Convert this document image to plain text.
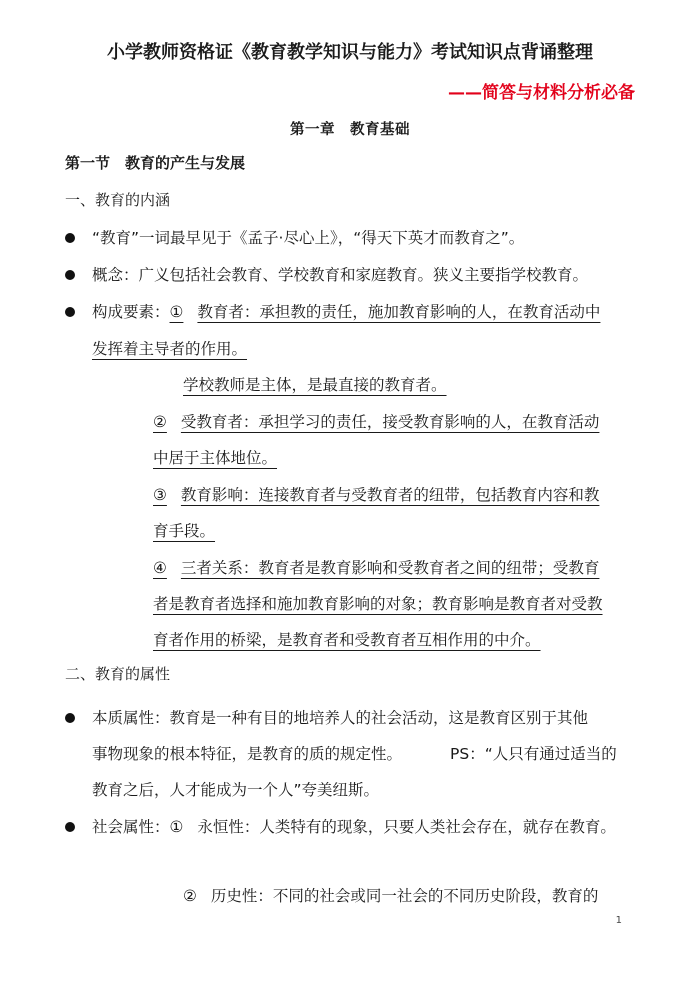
小学教师资格证《教育教学知识与能力》考试知识点背诵整理
——简答与材料分析必备
第一章　教育基础
第一节　教育的产生与发展
一、教育的内涵
“教育”一词最早见于《孟子·尽心上》，“得天下英才而教育之”。
概念：广义包括社会教育、学校教育和家庭教育。狭义主要指学校教育。
构成要素：① 教育者：承担教的责任，施加教育影响的人，在教育活动中
发挥着主导者的作用。
学校教师是主体，是最直接的教育者。
② 受教育者：承担学习的责任，接受教育影响的人，在教育活动
中居于主体地位。
③ 教育影响：连接教育者与受教育者的纽带，包括教育内容和教
育手段。
④ 三者关系：教育者是教育影响和受教育者之间的纽带；受教育
者是教育者选择和施加教育影响的对象；教育影响是教育者对受教
育者作用的桥梁，是教育者和受教育者互相作用的中介。
二、教育的属性
本质属性：教育是一种有目的地培养人的社会活动，这是教育区别于其他
事物现象的根本特征，是教育的质的规定性。	PS：“人只有通过适当的
教育之后，人才能成为一个人”夸美纽斯。
社会属性：① 永恒性：人类特有的现象，只要人类社会存在，就存在教育。
② 历史性：不同的社会或同一社会的不同历史阶段，教育的
1
